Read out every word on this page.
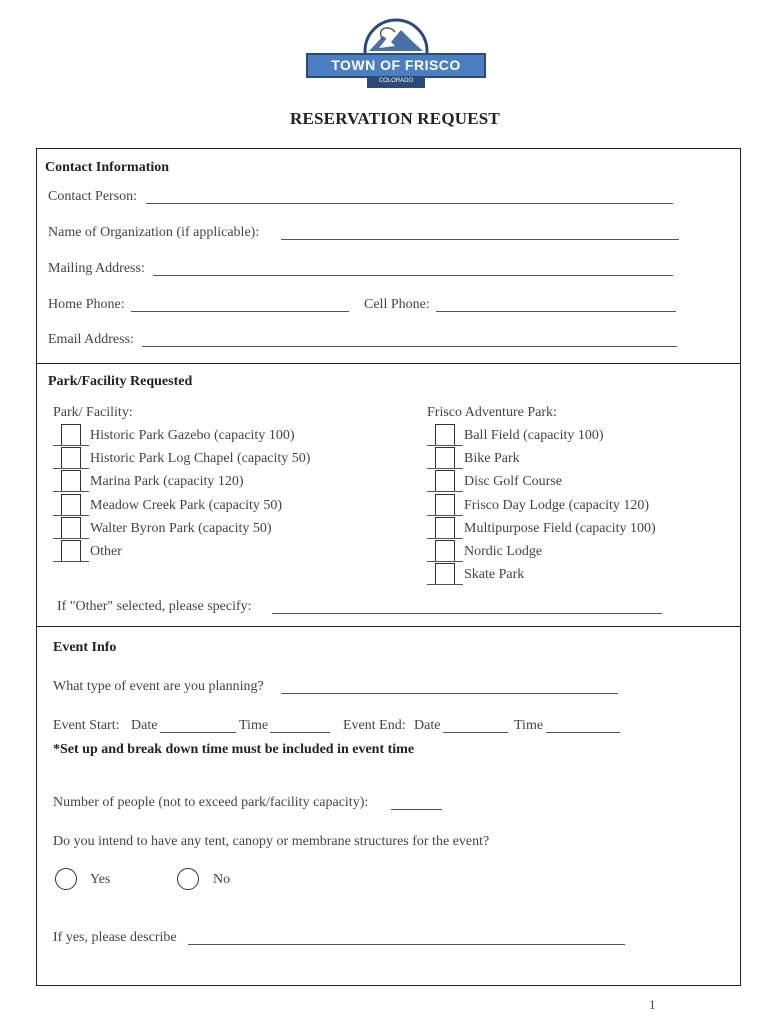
TOWN OF FRISCO
COLORADO
RESERVATION REQUEST
Contact Information
Contact Person:
Name of Organization (if applicable):
Mailing Address:
Home Phone:	Cell Phone:
Email Address:
Park/Facility Requested
Park/ Facility:
Historic Park Gazebo (capacity 100)
Historic Park Log Chapel (capacity 50)
Marina Park (capacity 120)
Meadow Creek Park (capacity 50)
Walter Byron Park (capacity 50)
Other
Frisco Adventure Park:
Ball Field (capacity 100)
Bike Park
Disc Golf Course
Frisco Day Lodge (capacity 120)
Multipurpose Field (capacity 100)
Nordic Lodge
Skate Park
If "Other" selected, please specify:
Event Info
What type of event are you planning?
Event Start: Date	Time	Event End: Date	Time
*Set up and break down time must be included in event time
Number of people (not to exceed park/facility capacity):
Do you intend to have any tent, canopy or membrane structures for the event?
Yes	No
If yes, please describe
1
